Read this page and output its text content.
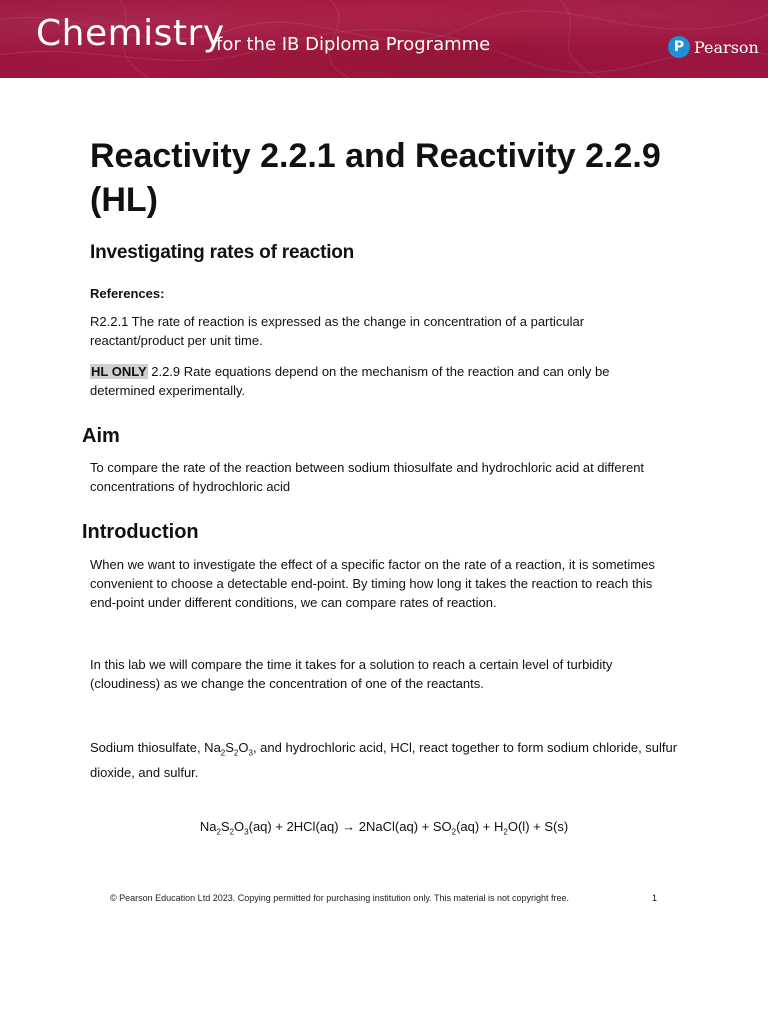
Chemistry
for the IB Diploma Programme	P Pearson
Reactivity 2.2.1 and Reactivity 2.2.9 (HL)
Investigating rates of reaction
References:
R2.2.1 The rate of reaction is expressed as the change in concentration of a particular reactant/product per unit time.
HL ONLY 2.2.9 Rate equations depend on the mechanism of the reaction and can only be determined experimentally.
Aim
To compare the rate of the reaction between sodium thiosulfate and hydrochloric acid at different concentrations of hydrochloric acid
Introduction
When we want to investigate the effect of a specific factor on the rate of a reaction, it is sometimes convenient to choose a detectable end-point. By timing how long it takes the reaction to reach this end-point under different conditions, we can compare rates of reaction.
In this lab we will compare the time it takes for a solution to reach a certain level of turbidity (cloudiness) as we change the concentration of one of the reactants.
Sodium thiosulfate, $Na_2S_2O_3$, and hydrochloric acid, HCl, react together to form sodium chloride, sulfur dioxide, and sulfur.
$Na_2S_2O_3(aq) + 2HCl(aq)$ → 2NaCl(aq) + $SO_2(aq) + H_2O(l) + S(s)$
© Pearson Education Ltd 2023. Copying permitted for purchasing institution only. This material is not copyright free.	1
